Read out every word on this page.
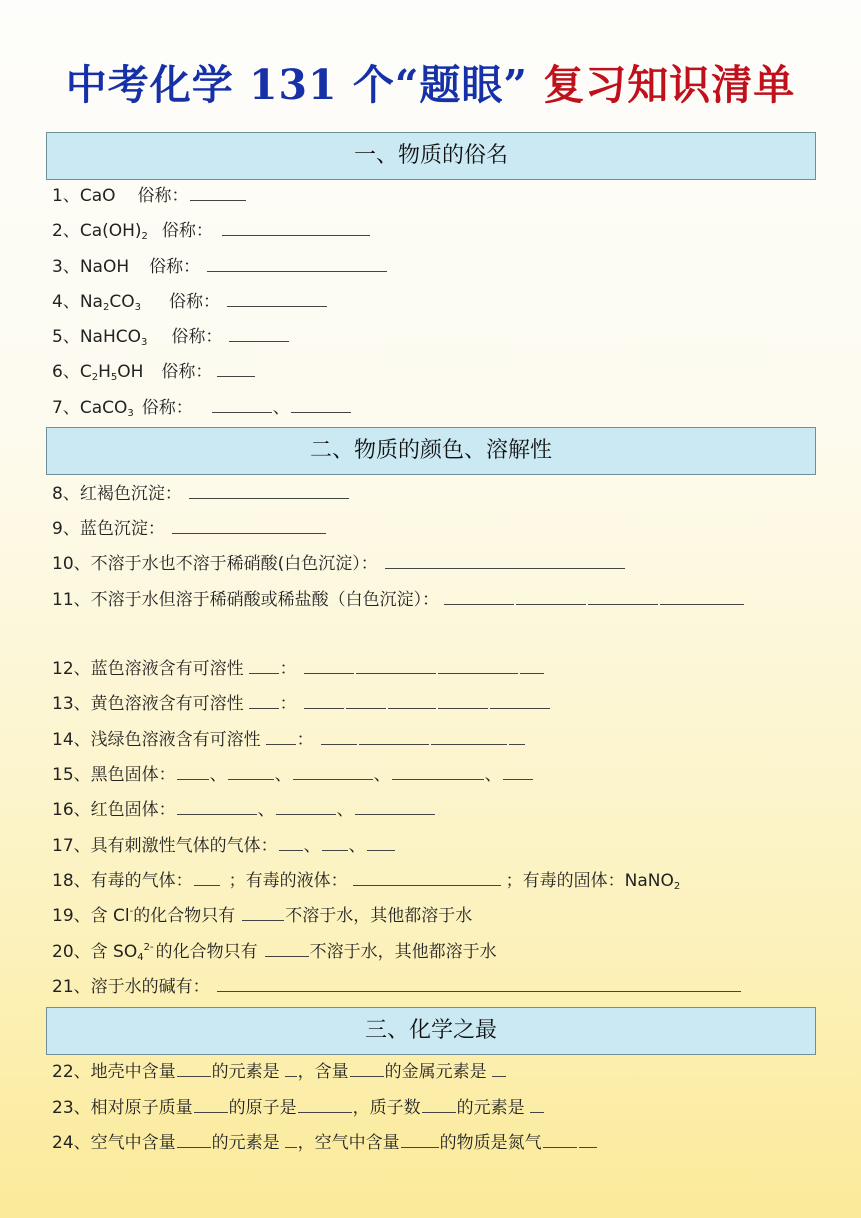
中考化学 131 个“题眼” 复习知识清单
一、物质的俗名
1、CaO 俗称：
2、$Ca(OH)_2$ 俗称：
3、NaOH 俗称：
4、$Na_2CO_3$ 俗称：
5、NaHCO$_3$ 俗称：
6、$C_2H_5OH$ 俗称：
7、CaCO$_3$ 俗称：	、
二、物质的颜色、溶解性
8、红褐色沉淀：
9、蓝色沉淀：
10、不溶于水也不溶于稀硝酸(白色沉淀）：
11、不溶于水但溶于稀硝酸或稀盐酸（白色沉淀）：
12、蓝色溶液含有可溶性 ：
13、黄色溶液含有可溶性 ：
14、浅绿色溶液含有可溶性 ：
15、黑色固体： 、	、	、	、
16、红色固体：	、	、
17、具有刺激性气体的气体： 、 、
18、有毒的气体： ；有毒的液体：	；有毒的固体：NaNO$_2$
19、含 Cl-的化合物只有	不溶于水，其他都溶于水
20、含 $SO_4^{2-}$ 的化合物只有	不溶于水，其他都溶于水
21、溶于水的碱有：
三、化学之最
22、地壳中含量 的元素是 ，含量 的金属元素是
23、相对原子质量 的原子是	，质子数 的元素是
24、空气中含量 的元素是 ，空气中含量 的物质是氮气
